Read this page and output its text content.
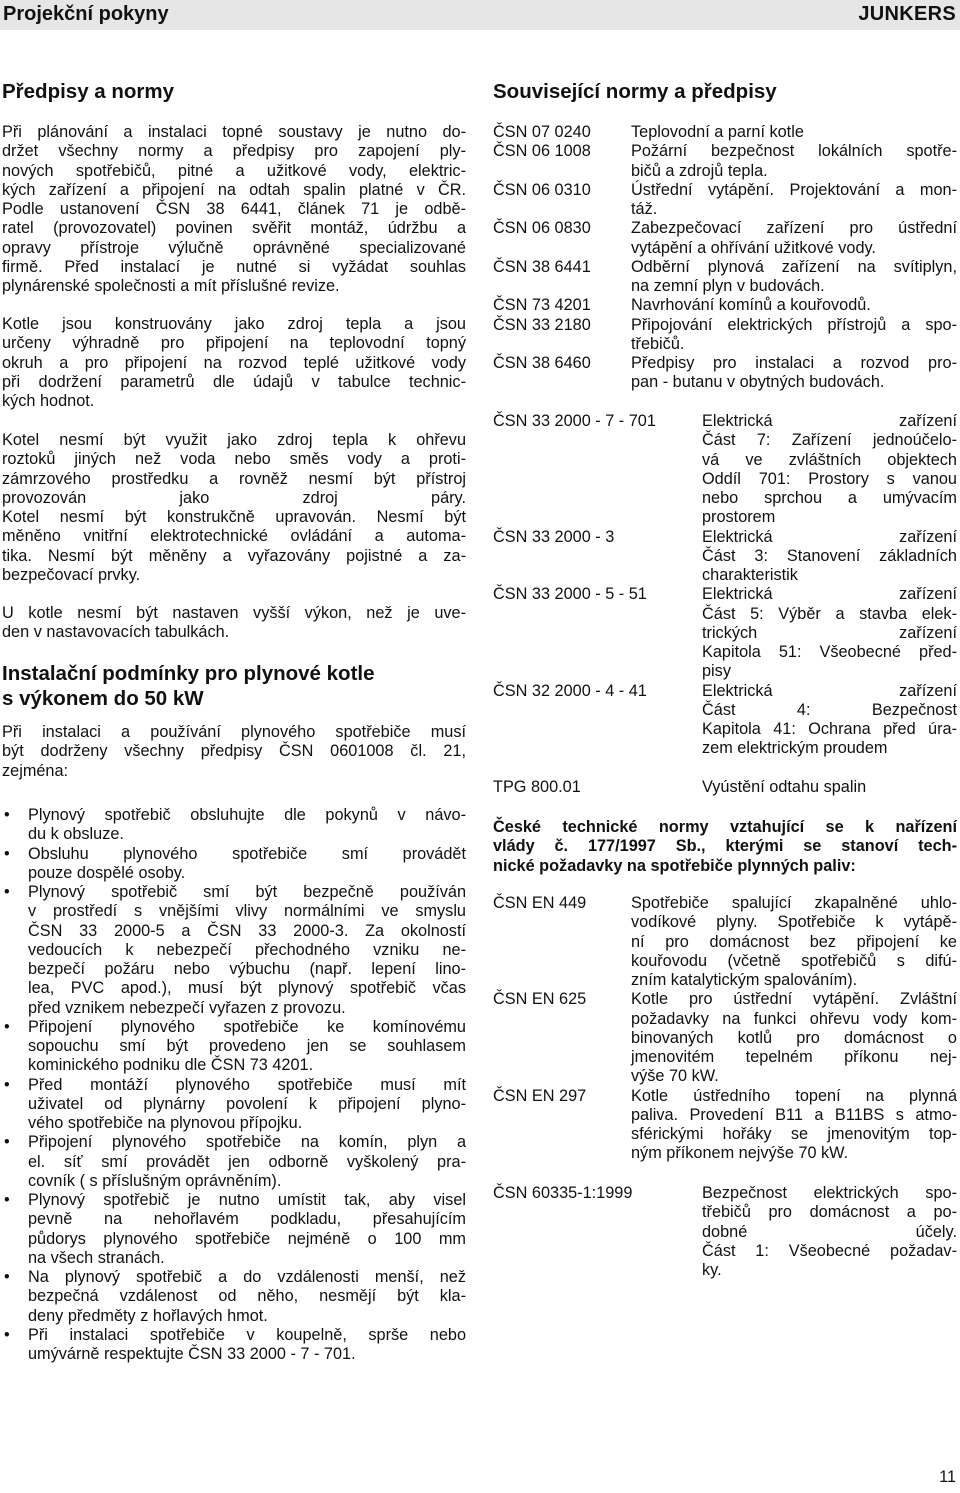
Projekční pokyny	JUNKERS
Předpisy a normy
Při plánování a instalaci topné soustavy je nutno do-
držet všechny normy a předpisy pro zapojení ply-
nových spotřebičů, pitné a užitkové vody, elektric-
kých zařízení a připojení na odtah spalin platné v ČR.
Podle ustanovení ČSN 38 6441, článek 71 je odbě-
ratel (provozovatel) povinen svěřit montáž, údržbu a
opravy přístroje výlučně oprávněné specializované
firmě. Před instalací je nutné si vyžádat souhlas
plynárenské společnosti a mít příslušné revize.
Kotle jsou konstruovány jako zdroj tepla a jsou
určeny výhradně pro připojení na teplovodní topný
okruh a pro připojení na rozvod teplé užitkové vody
při dodržení parametrů dle údajů v tabulce technic-
kých hodnot.
Kotel nesmí být využit jako zdroj tepla k ohřevu
roztoků jiných než voda nebo směs vody a proti-
zámrzového prostředku a rovněž nesmí být přístroj
provozován jako zdroj páry.
Kotel nesmí být konstrukčně upravován. Nesmí být
měněno vnitřní elektrotechnické ovládání a automa-
tika. Nesmí být měněny a vyřazovány pojistné a za-
bezpečovací prvky.
U kotle nesmí být nastaven vyšší výkon, než je uve-
den v nastavovacích tabulkách.
Instalační podmínky pro plynové kotle
s výkonem do 50 kW
Při instalaci a používání plynového spotřebiče musí
být dodrženy všechny předpisy ČSN 0601008 čl. 21,
zejména:
• Plynový spotřebič obsluhujte dle pokynů v návo-
du k obsluze.
• Obsluhu plynového spotřebiče smí provádět
pouze dospělé osoby.
• Plynový spotřebič smí být bezpečně používán
v prostředí s vnějšími vlivy normálními ve smyslu
ČSN 33 2000-5 a ČSN 33 2000-3. Za okolností
vedoucích k nebezpečí přechodného vzniku ne-
bezpečí požáru nebo výbuchu (např. lepení lino-
lea, PVC apod.), musí být plynový spotřebič včas
před vznikem nebezpečí vyřazen z provozu.
• Připojení plynového spotřebiče ke komínovému
sopouchu smí být provedeno jen se souhlasem
kominického podniku dle ČSN 73 4201.
• Před montáží plynového spotřebiče musí mít
uživatel od plynárny povolení k připojení plyno-
vého spotřebiče na plynovou přípojku.
• Připojení plynového spotřebiče na komín, plyn a
el. síť smí provádět jen odborně vyškolený pra-
covník ( s příslušným oprávněním).
• Plynový spotřebič je nutno umístit tak, aby visel
pevně na nehořlavém podkladu, přesahujícím
půdorys plynového spotřebiče nejméně o 100 mm
na všech stranách.
• Na plynový spotřebič a do vzdálenosti menší, než
bezpečná vzdálenost od něho, nesmějí být kla-
deny předměty z hořlavých hmot.
• Při instalaci spotřebiče v koupelně, sprše nebo
umývárně respektujte ČSN 33 2000 - 7 - 701.
Související normy a předpisy
ČSN 07 0240 Teplovodní a parní kotle
ČSN 06 1008 Požární bezpečnost lokálních spotře-
bičů a zdrojů tepla.
ČSN 06 0310 Ústřední vytápění. Projektování a mon-
táž.
ČSN 06 0830 Zabezpečovací zařízení pro ústřední
vytápění a ohřívání užitkové vody.
ČSN 38 6441 Odběrní plynová zařízení na svítiplyn,
na zemní plyn v budovách.
ČSN 73 4201 Navrhování komínů a kouřovodů.
ČSN 33 2180 Připojování elektrických přístrojů a spo-
třebičů.
ČSN 38 6460 Předpisy pro instalaci a rozvod pro-
pan - butanu v obytných budovách.
ČSN 33 2000 - 7 - 701	Elektrická zařízení
Část 7: Zařízení jednoúčelo-
vá ve zvláštních objektech
Oddíl 701: Prostory s vanou
nebo sprchou a umývacím
prostorem
ČSN 33 2000 - 3	Elektrická zařízení
Část 3: Stanovení základních
charakteristik
ČSN 33 2000 - 5 - 51	Elektrická zařízení
Část 5: Výběr a stavba elek-
trických zařízení
Kapitola 51: Všeobecné před-
pisy
ČSN 32 2000 - 4 - 41	Elektrická zařízení
Část 4: Bezpečnost
Kapitola 41: Ochrana před úra-
zem elektrickým proudem
TPG 800.01	Vyústění odtahu spalin
České technické normy vztahující se k nařízení
vlády č. 177/1997 Sb., kterými se stanoví tech-
nické požadavky na spotřebiče plynných paliv:
ČSN EN 449	Spotřebiče spalující zkapalněné uhlo-
vodíkové plyny. Spotřebiče k vytápě-
ní pro domácnost bez připojení ke
kouřovodu (včetně spotřebičů s difú-
zním katalytickým spalováním).
ČSN EN 625	Kotle pro ústřední vytápění. Zvláštní
požadavky na funkci ohřevu vody kom-
binovaných kotlů pro domácnost o
jmenovitém tepelném příkonu nej-
výše 70 kW.
ČSN EN 297	Kotle ústředního topení na plynná
paliva. Provedení B11 a B11BS s atmo-
sférickými hořáky se jmenovitým top-
ným příkonem nejvýše 70 kW.
ČSN 60335-1:1999	Bezpečnost elektrických spo-
třebičů pro domácnost a po-
dobné účely.
Část 1: Všeobecné požadav-
ky.
11
